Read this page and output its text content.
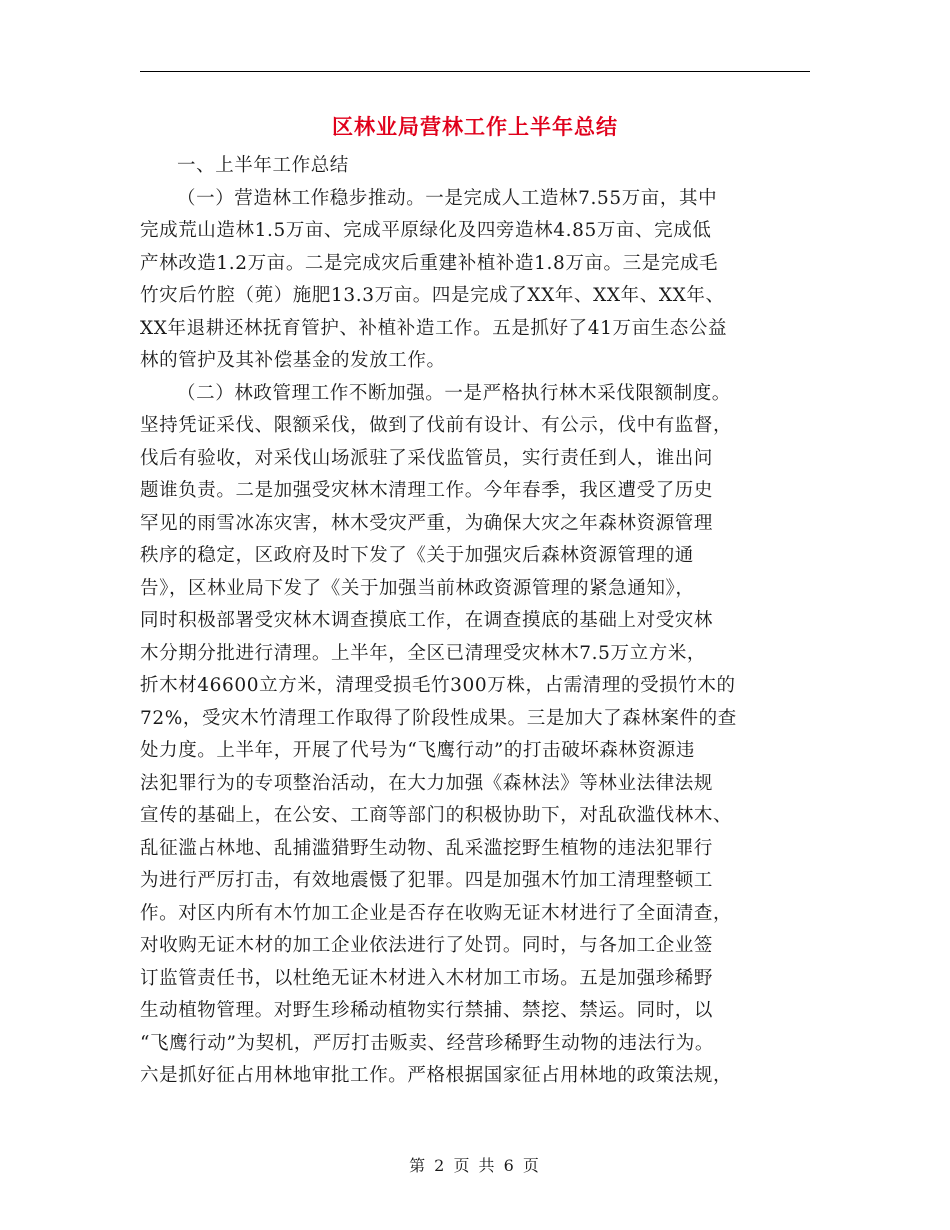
区林业局营林工作上半年总结
一、上半年工作总结
（一）营造林工作稳步推动。一是完成人工造林7.55万亩，其中
完成荒山造林1.5万亩、完成平原绿化及四旁造林4.85万亩、完成低
产林改造1.2万亩。二是完成灾后重建补植补造1.8万亩。三是完成毛
竹灾后竹腔（蔸）施肥13.3万亩。四是完成了XX年、XX年、XX年、
XX年退耕还林抚育管护、补植补造工作。五是抓好了41万亩生态公益
林的管护及其补偿基金的发放工作。
（二）林政管理工作不断加强。一是严格执行林木采伐限额制度。
坚持凭证采伐、限额采伐，做到了伐前有设计、有公示，伐中有监督，
伐后有验收，对采伐山场派驻了采伐监管员，实行责任到人，谁出问
题谁负责。二是加强受灾林木清理工作。今年春季，我区遭受了历史
罕见的雨雪冰冻灾害，林木受灾严重，为确保大灾之年森林资源管理
秩序的稳定，区政府及时下发了《关于加强灾后森林资源管理的通
告》，区林业局下发了《关于加强当前林政资源管理的紧急通知》，
同时积极部署受灾林木调查摸底工作，在调查摸底的基础上对受灾林
木分期分批进行清理。上半年，全区已清理受灾林木7.5万立方米，
折木材46600立方米，清理受损毛竹300万株，占需清理的受损竹木的
72%，受灾木竹清理工作取得了阶段性成果。三是加大了森林案件的查
处力度。上半年，开展了代号为“飞鹰行动”的打击破坏森林资源违
法犯罪行为的专项整治活动，在大力加强《森林法》等林业法律法规
宣传的基础上，在公安、工商等部门的积极协助下，对乱砍滥伐林木、
乱征滥占林地、乱捕滥猎野生动物、乱采滥挖野生植物的违法犯罪行
为进行严厉打击，有效地震慑了犯罪。四是加强木竹加工清理整顿工
作。对区内所有木竹加工企业是否存在收购无证木材进行了全面清查，
对收购无证木材的加工企业依法进行了处罚。同时，与各加工企业签
订监管责任书，以杜绝无证木材进入木材加工市场。五是加强珍稀野
生动植物管理。对野生珍稀动植物实行禁捕、禁挖、禁运。同时，以
“飞鹰行动”为契机，严厉打击贩卖、经营珍稀野生动物的违法行为。
六是抓好征占用林地审批工作。严格根据国家征占用林地的政策法规，
第 2 页 共 6 页
